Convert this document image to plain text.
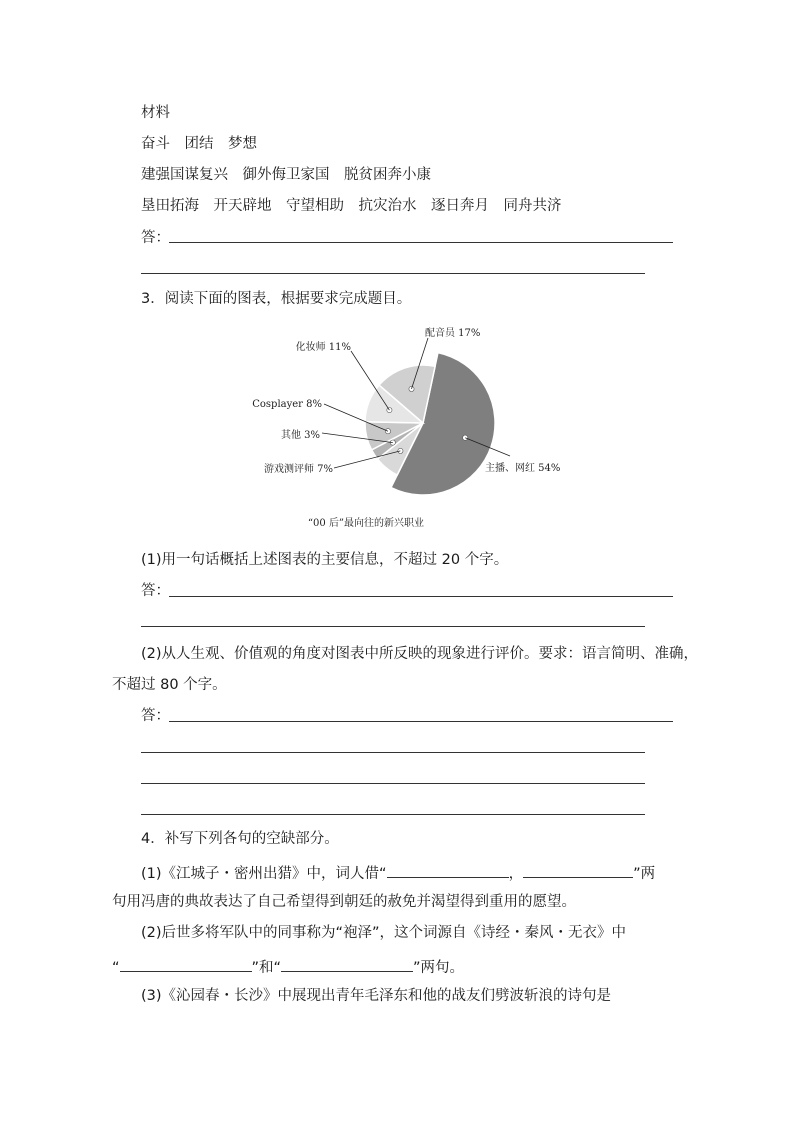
材料
奋斗　团结　梦想
建强国谋复兴　御外侮卫家国　脱贫困奔小康
垦田拓海　开天辟地　守望相助　抗灾治水　逐日奔月　同舟共济
答：
3．阅读下面的图表，根据要求完成题目。
主播、网红 54%
游戏测评师 7%
其他 3%
Cosplayer 8%
化妆师 11%
配音员 17%
“00 后”最向往的新兴职业
(1)用一句话概括上述图表的主要信息，不超过 20 个字。
答：
(2)从人生观、价值观的角度对图表中所反映的现象进行评价。要求：语言简明、准确，
不超过 80 个字。
答：
4．补写下列各句的空缺部分。
(1)《江城子・密州出猎》中，词人借“	，	”两
句用冯唐的典故表达了自己希望得到朝廷的赦免并渴望得到重用的愿望。
(2)后世多将军队中的同事称为“袍泽”，这个词源自《诗经・秦风・无衣》中
“	”和“	”两句。
(3)《沁园春・长沙》中展现出青年毛泽东和他的战友们劈波斩浪的诗句是
